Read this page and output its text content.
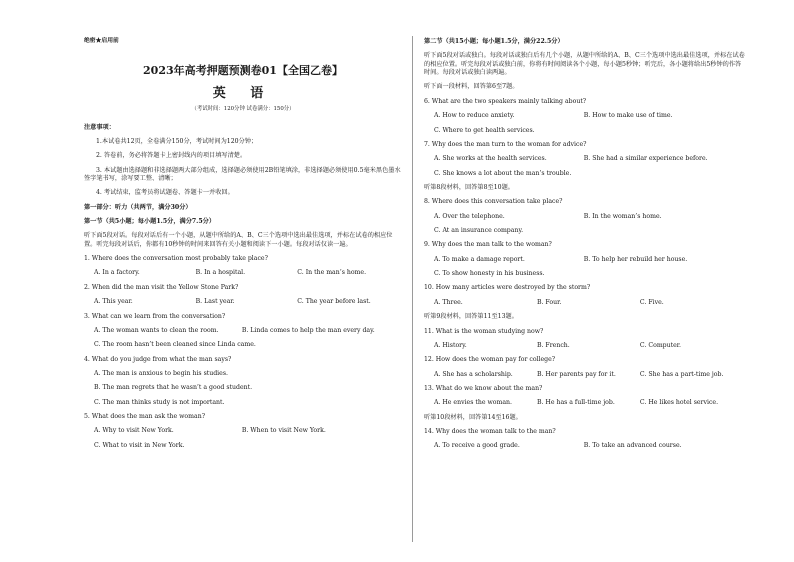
绝密★启用前
2023年高考押题预测卷01【全国乙卷】
英 语
（考试时间：120分钟 试卷满分：150分）
注意事项：
1.本试卷共12页，全卷满分150分，考试时间为120分钟；
2. 答卷前，务必将答题卡上密封线内的项目填写清楚。
3. 本试题由选择题和非选择题两大部分组成，选择题必须使用2B铅笔填涂，非选择题必须使用0.5毫米黑色墨水签字笔书写，涂写要工整、清晰；
4. 考试结束，监考员将试题卷、答题卡一并收回。
第一部分：听力（共两节，满分30分）
第一节（共5小题；每小题1.5分，满分7.5分）
听下面5段对话。每段对话后有一个小题，从题中所给的A、B、C三个选项中选出最佳选项，并标在试卷的相应位置。听完每段对话后，你都有10秒钟的时间来回答有关小题和阅读下一小题。每段对话仅读一遍。
1. Where does the conversation most probably take place?
A. In a factory.	B. In a hospital.	C. In the man’s home.
2. When did the man visit the Yellow Stone Park?
A. This year.	B. Last year.	C. The year before last.
3. What can we learn from the conversation?
A. The woman wants to clean the room.	B. Linda comes to help the man every day.
C. The room hasn’t been cleaned since Linda came.
4. What do you judge from what the man says?
A. The man is anxious to begin his studies.
B. The man regrets that he wasn’t a good student.
C. The man thinks study is not important.
5. What does the man ask the woman?
A. Why to visit New York.	B. When to visit New York.
C. What to visit in New York.
第二节（共15小题；每小题1.5分，满分22.5分）
听下面5段对话或独白。每段对话或独白后有几个小题，从题中所给的A、B、C三个选项中选出最佳选项，并标在试卷的相应位置。听完每段对话或独白前，你将有时间阅读各个小题，每小题5秒钟；听完后，各小题将给出5秒钟的作答时间。每段对话或独白读两遍。
听下面一段材料，回答第6至7题。
6. What are the two speakers mainly talking about?
A. How to reduce anxiety.	B. How to make use of time.
C. Where to get health services.
7. Why does the man turn to the woman for advice?
A. She works at the health services.	B. She had a similar experience before.
C. She knows a lot about the man’s trouble.
听第8段材料，回答第8至10题。
8. Where does this conversation take place?
A. Over the telephone.	B. In the woman’s home.
C. At an insurance company.
9. Why does the man talk to the woman?
A. To make a damage report.	B. To help her rebuild her house.
C. To show honesty in his business.
10. How many articles were destroyed by the storm?
A. Three.	B. Four.	C. Five.
听第9段材料，回答第11至13题。
11. What is the woman studying now?
A. History.	B. French.	C. Computer.
12. How does the woman pay for college?
A. She has a scholarship.	B. Her parents pay for it.	C. She has a part-time job.
13. What do we know about the man?
A. He envies the woman.	B. He has a full-time job.	C. He likes hotel service.
听第10段材料，回答第14至16题。
14. Why does the woman talk to the man?
A. To receive a good grade.	B. To take an advanced course.
